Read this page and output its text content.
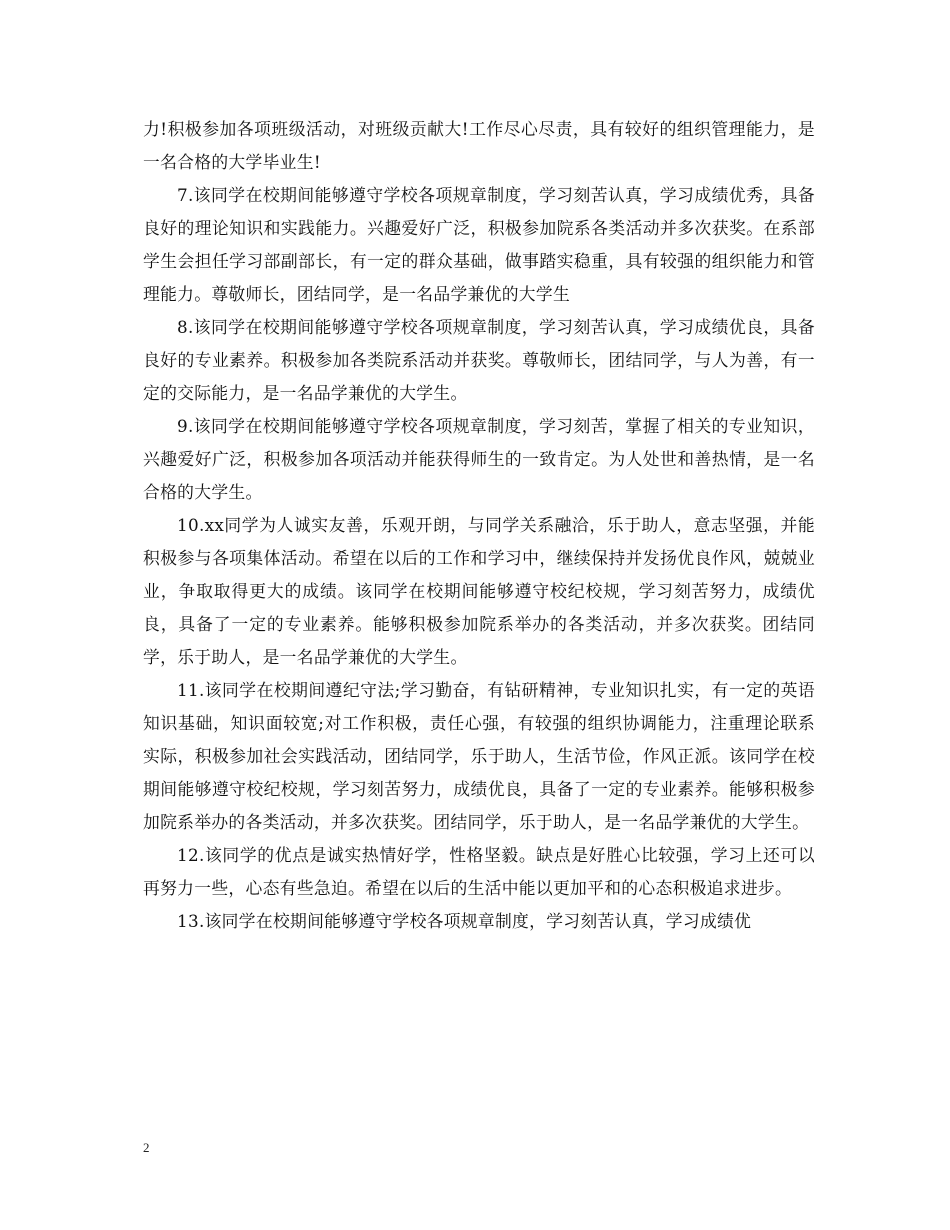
力!积极参加各项班级活动，对班级贡献大!工作尽心尽责，具有较好的组织管理能力，是一名合格的大学毕业生!

7.该同学在校期间能够遵守学校各项规章制度，学习刻苦认真，学习成绩优秀，具备良好的理论知识和实践能力。兴趣爱好广泛，积极参加院系各类活动并多次获奖。在系部学生会担任学习部副部长，有一定的群众基础，做事踏实稳重，具有较强的组织能力和管理能力。尊敬师长，团结同学，是一名品学兼优的大学生

8.该同学在校期间能够遵守学校各项规章制度，学习刻苦认真，学习成绩优良，具备良好的专业素养。积极参加各类院系活动并获奖。尊敬师长，团结同学，与人为善，有一定的交际能力，是一名品学兼优的大学生。

9.该同学在校期间能够遵守学校各项规章制度，学习刻苦，掌握了相关的专业知识，兴趣爱好广泛，积极参加各项活动并能获得师生的一致肯定。为人处世和善热情，是一名合格的大学生。

10.xx同学为人诚实友善，乐观开朗，与同学关系融洽，乐于助人，意志坚强，并能积极参与各项集体活动。希望在以后的工作和学习中，继续保持并发扬优良作风，兢兢业业，争取取得更大的成绩。该同学在校期间能够遵守校纪校规，学习刻苦努力，成绩优良，具备了一定的专业素养。能够积极参加院系举办的各类活动，并多次获奖。团结同学，乐于助人，是一名品学兼优的大学生。

11.该同学在校期间遵纪守法;学习勤奋，有钻研精神，专业知识扎实，有一定的英语知识基础，知识面较宽;对工作积极，责任心强，有较强的组织协调能力，注重理论联系实际，积极参加社会实践活动，团结同学，乐于助人，生活节俭，作风正派。该同学在校期间能够遵守校纪校规，学习刻苦努力，成绩优良，具备了一定的专业素养。能够积极参加院系举办的各类活动，并多次获奖。团结同学，乐于助人，是一名品学兼优的大学生。

12.该同学的优点是诚实热情好学，性格坚毅。缺点是好胜心比较强，学习上还可以再努力一些，心态有些急迫。希望在以后的生活中能以更加平和的心态积极追求进步。

13.该同学在校期间能够遵守学校各项规章制度，学习刻苦认真，学习成绩优

2
